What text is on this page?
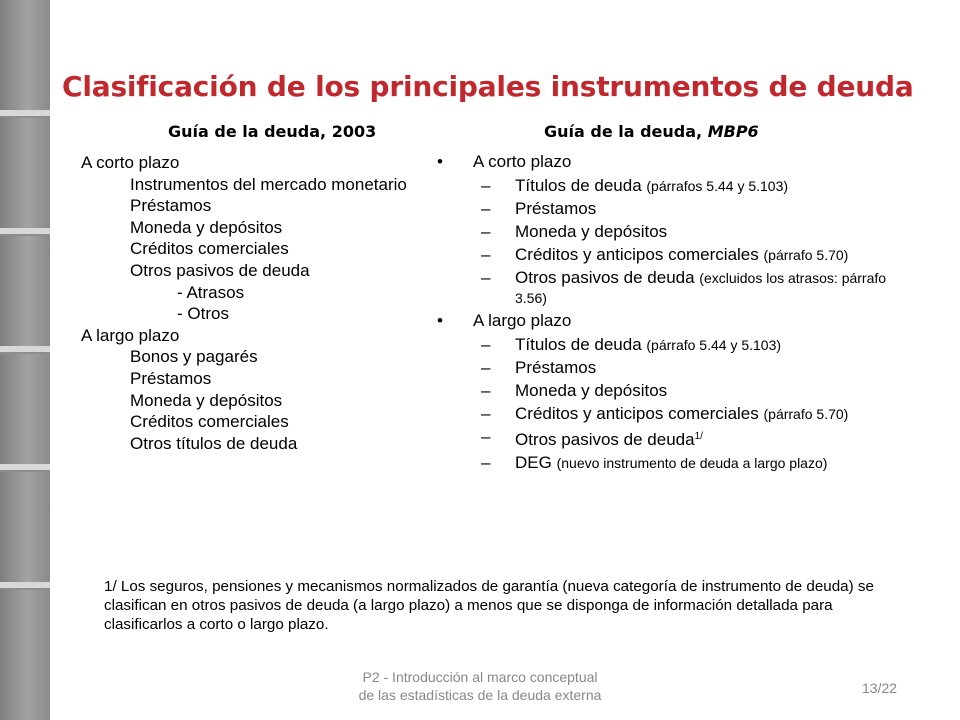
Clasificación de los principales instrumentos de deuda
Guía de la deuda, 2003	Guía de la deuda, MBP6
A corto plazo
Instrumentos del mercado monetario
Préstamos
Moneda y depósitos
Créditos comerciales
Otros pasivos de deuda
- Atrasos
- Otros
A largo plazo
Bonos y pagarés
Préstamos
Moneda y depósitos
Créditos comerciales
Otros títulos de deuda
• A corto plazo
– Títulos de deuda (párrafos 5.44 y 5.103)
– Préstamos
– Moneda y depósitos
– Créditos y anticipos comerciales (párrafo 5.70)
– Otros pasivos de deuda (excluidos los atrasos: párrafo 3.56)
• A largo plazo
– Títulos de deuda (párrafo 5.44 y 5.103)
– Préstamos
– Moneda y depósitos
– Créditos y anticipos comerciales (párrafo 5.70)
– Otros pasivos de deuda$^{1/}$
– DEG (nuevo instrumento de deuda a largo plazo)

1/ Los seguros, pensiones y mecanismos normalizados de garantía (nueva categoría de instrumento de deuda) se clasifican en otros pasivos de deuda (a largo plazo) a menos que se disponga de información detallada para clasificarlos a corto o largo plazo.

P2 - Introducción al marco conceptual
de las estadísticas de la deuda externa	13/22
